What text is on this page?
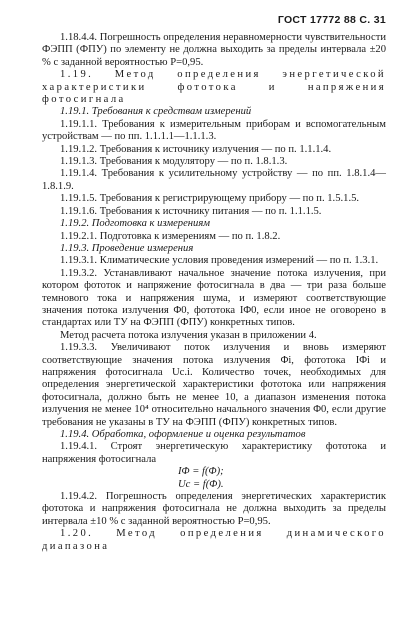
ГОСТ 17772 88 С. 31

1.18.4.4. Погрешность определения неравномерности чувствительности ФЭПП (ФПУ) по элементу не должна выходить за пределы интервала ±20 % с заданной вероятностью P=0,95.

1.19. Метод определения энергетической характеристики фототока и напряжения фотосигнала

1.19.1. Требования к средствам измерений

1.19.1.1. Требования к измерительным приборам и вспомогательным устройствам — по пп. 1.1.1.1—1.1.1.3.

1.19.1.2. Требования к источнику излучения — по п. 1.1.1.4.

1.19.1.3. Требования к модулятору — по п. 1.8.1.3.

1.19.1.4. Требования к усилительному устройству — по пп. 1.8.1.4—1.8.1.9.

1.19.1.5. Требования к регистрирующему прибору — по п. 1.5.1.5.

1.19.1.6. Требования к источнику питания — по п. 1.1.1.5.

1.19.2. Подготовка к измерениям

1.19.2.1. Подготовка к измерениям — по п. 1.8.2.

1.19.3. Проведение измерения

1.19.3.1. Климатические условия проведения измерений — по п. 1.3.1.

1.19.3.2. Устанавливают начальное значение потока излучения, при котором фототок и напряжение фотосигнала в два — три раза больше темнового тока и напряжения шума, и измеряют соответствующие значения потока излучения Φ0, фототока IΦ0, если иное не оговорено в стандартах или ТУ на ФЭПП (ФПУ) конкретных типов.

Метод расчета потока излучения указан в приложении 4.

1.19.3.3. Увеличивают поток излучения и вновь измеряют соответствующие значения потока излучения Φi, фототока IΦi и напряжения фотосигнала Uc.i. Количество точек, необходимых для определения энергетической характеристики фототока или напряжения фотосигнала, должно быть не менее 10, а диапазон изменения потока излучения не менее 10⁴ относительно начального значения Φ0, если другие требования не указаны в ТУ на ФЭПП (ФПУ) конкретных типов.

1.19.4. Обработка, оформление и оценка результатов

1.19.4.1. Строят энергетическую характеристику фототока и напряжения фотосигнала

IΦ = f(Φ);

Uc = f(Φ).

1.19.4.2. Погрешность определения энергетических характеристик фототока и напряжения фотосигнала не должна выходить за пределы интервала ±10 % с заданной вероятностью P=0,95.

1.20. Метод определения динамического диапазона
